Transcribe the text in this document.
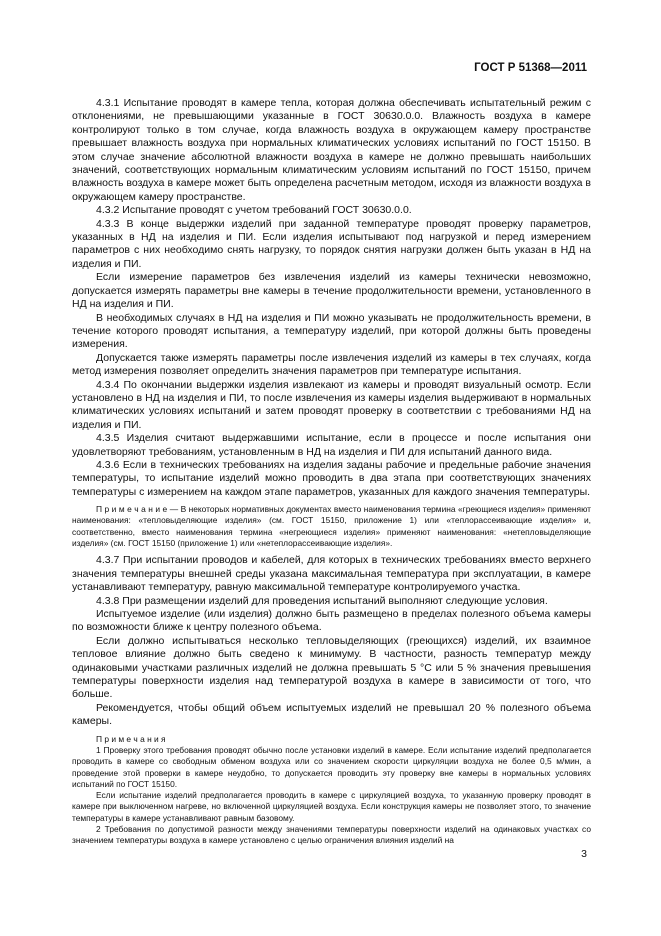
ГОСТ Р 51368—2011

4.3.1 Испытание проводят в камере тепла, которая должна обеспечивать испытательный режим с отклонениями, не превышающими указанные в ГОСТ 30630.0.0. Влажность воздуха в камере контролируют только в том случае, когда влажность воздуха в окружающем камеру пространстве превышает влажность воздуха при нормальных климатических условиях испытаний по ГОСТ 15150. В этом случае значение абсолютной влажности воздуха в камере не должно превышать наибольших значений, соответствующих нормальным климатическим условиям испытаний по ГОСТ 15150, причем влажность воздуха в камере может быть определена расчетным методом, исходя из влажности воздуха в окружающем камеру пространстве.

4.3.2 Испытание проводят с учетом требований ГОСТ 30630.0.0.

4.3.3 В конце выдержки изделий при заданной температуре проводят проверку параметров, указанных в НД на изделия и ПИ. Если изделия испытывают под нагрузкой и перед измерением параметров с них необходимо снять нагрузку, то порядок снятия нагрузки должен быть указан в НД на изделия и ПИ.

Если измерение параметров без извлечения изделий из камеры технически невозможно, допускается измерять параметры вне камеры в течение продолжительности времени, установленного в НД на изделия и ПИ.

В необходимых случаях в НД на изделия и ПИ можно указывать не продолжительность времени, в течение которого проводят испытания, а температуру изделий, при которой должны быть проведены измерения.

Допускается также измерять параметры после извлечения изделий из камеры в тех случаях, когда метод измерения позволяет определить значения параметров при температуре испытания.

4.3.4 По окончании выдержки изделия извлекают из камеры и проводят визуальный осмотр. Если установлено в НД на изделия и ПИ, то после извлечения из камеры изделия выдерживают в нормальных климатических условиях испытаний и затем проводят проверку в соответствии с требованиями НД на изделия и ПИ.

4.3.5 Изделия считают выдержавшими испытание, если в процессе и после испытания они удовлетворяют требованиям, установленным в НД на изделия и ПИ для испытаний данного вида.

4.3.6 Если в технических требованиях на изделия заданы рабочие и предельные рабочие значения температуры, то испытание изделий можно проводить в два этапа при соответствующих значениях температуры с измерением на каждом этапе параметров, указанных для каждого значения температуры.

П р и м е ч а н и е — В некоторых нормативных документах вместо наименования термина «греющиеся изделия» применяют наименования: «тепловыделяющие изделия» (см. ГОСТ 15150, приложение 1) или «теплорассеивающие изделия» и, соответственно, вместо наименования термина «негреющиеся изделия» применяют наименования: «нетепловыделяющие изделия» (см. ГОСТ 15150 (приложение 1) или «нетеплорассеивающие изделия».

4.3.7 При испытании проводов и кабелей, для которых в технических требованиях вместо верхнего значения температуры внешней среды указана максимальная температура при эксплуатации, в камере устанавливают температуру, равную максимальной температуре контролируемого участка.

4.3.8 При размещении изделий для проведения испытаний выполняют следующие условия.

Испытуемое изделие (или изделия) должно быть размещено в пределах полезного объема камеры по возможности ближе к центру полезного объема.

Если должно испытываться несколько тепловыделяющих (греющихся) изделий, их взаимное тепловое влияние должно быть сведено к минимуму. В частности, разность температур между одинаковыми участками различных изделий не должна превышать 5 °С или 5 % значения превышения температуры поверхности изделия над температурой воздуха в камере в зависимости от того, что больше.

Рекомендуется, чтобы общий объем испытуемых изделий не превышал 20 % полезного объема камеры.

П р и м е ч а н и я

1 Проверку этого требования проводят обычно после установки изделий в камере. Если испытание изделий предполагается проводить в камере со свободным обменом воздуха или со значением скорости циркуляции воздуха не более 0,5 м/мин, а проведение этой проверки в камере неудобно, то допускается проводить эту проверку вне камеры в нормальных условиях испытаний по ГОСТ 15150.

Если испытание изделий предполагается проводить в камере с циркуляцией воздуха, то указанную проверку проводят в камере при выключенном нагреве, но включенной циркуляцией воздуха. Если конструкция камеры не позволяет этого, то значение температуры в камере устанавливают равным базовому.

2 Требования по допустимой разности между значениями температуры поверхности изделий на одинаковых участках со значением температуры воздуха в камере установлено с целью ограничения влияния изделий на

3
